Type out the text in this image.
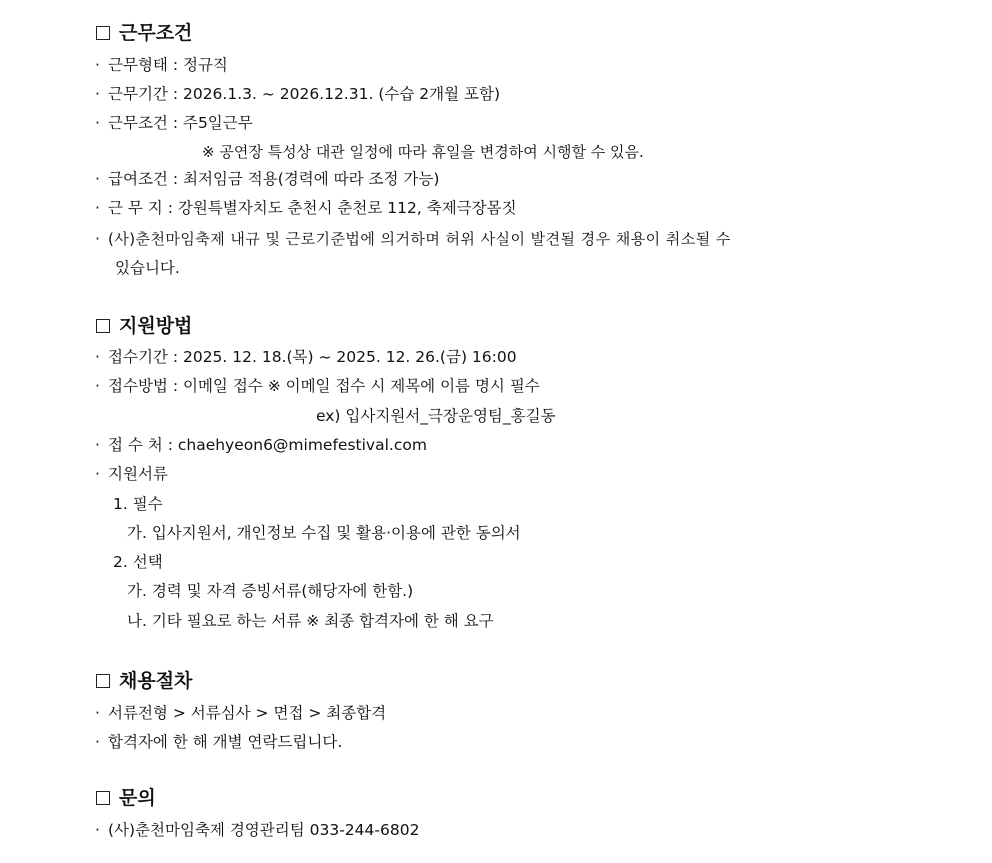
근무조건
· 근무형태 : 정규직
· 근무기간 : 2026.1.3. ~ 2026.12.31. (수습 2개월 포함)
· 근무조건 : 주5일근무
※ 공연장 특성상 대관 일정에 따라 휴일을 변경하여 시행할 수 있음.
· 급여조건 : 최저임금 적용(경력에 따라 조정 가능)
· 근 무 지 : 강원특별자치도 춘천시 춘천로 112, 축제극장몸짓
· (사)춘천마임축제 내규 및 근로기준법에 의거하며 허위 사실이 발견될 경우 채용이 취소될 수
있습니다.
지원방법
· 접수기간 : 2025. 12. 18.(목) ~ 2025. 12. 26.(금) 16:00
· 접수방법 : 이메일 접수 ※ 이메일 접수 시 제목에 이름 명시 필수
ex) 입사지원서_극장운영팀_홍길동
· 접 수 처 : chaehyeon6@mimefestival.com
· 지원서류
1. 필수
가. 입사지원서, 개인정보 수집 및 활용·이용에 관한 동의서
2. 선택
가. 경력 및 자격 증빙서류(해당자에 한함.)
나. 기타 필요로 하는 서류 ※ 최종 합격자에 한 해 요구
채용절차
· 서류전형 > 서류심사 > 면접 > 최종합격
· 합격자에 한 해 개별 연락드립니다.
문의
· (사)춘천마임축제 경영관리팀 033-244-6802
